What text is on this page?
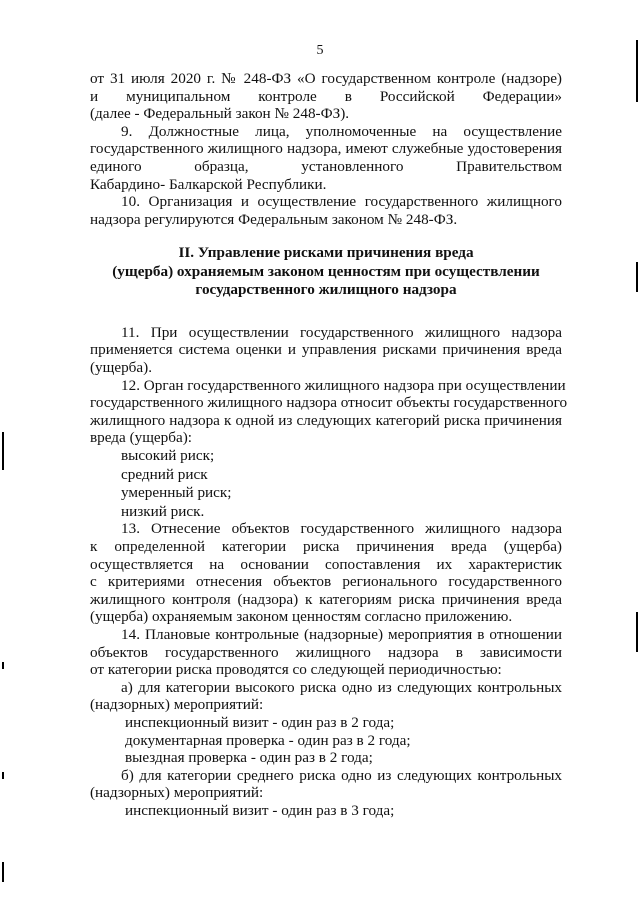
5

от 31 июля 2020 г. № 248-ФЗ «О государственном контроле (надзоре)
и муниципальном контроле в Российской Федерации»
(далее - Федеральный закон № 248-ФЗ).

9. Должностные лица, уполномоченные на осуществление
государственного жилищного надзора, имеют служебные удостоверения
единого образца, установленного Правительством
Кабардино- Балкарской Республики.

10. Организация и осуществление государственного жилищного
надзора регулируются Федеральным законом № 248-ФЗ.

II. Управление рисками причинения вреда
(ущерба) охраняемым законом ценностям при осуществлении
государственного жилищного надзора

11. При осуществлении государственного жилищного надзора
применяется система оценки и управления рисками причинения вреда
(ущерба).

12. Орган государственного жилищного надзора при осуществлении
государственного жилищного надзора относит объекты государственного
жилищного надзора к одной из следующих категорий риска причинения
вреда (ущерба):

высокий риск;
средний риск
умеренный риск;
низкий риск.

13. Отнесение объектов государственного жилищного надзора
к определенной категории риска причинения вреда (ущерба)
осуществляется на основании сопоставления их характеристик
с критериями отнесения объектов регионального государственного
жилищного контроля (надзора) к категориям риска причинения вреда
(ущерба) охраняемым законом ценностям согласно приложению.

14. Плановые контрольные (надзорные) мероприятия в отношении
объектов государственного жилищного надзора в зависимости
от категории риска проводятся со следующей периодичностью:

а) для категории высокого риска одно из следующих контрольных
(надзорных) мероприятий:

инспекционный визит - один раз в 2 года;
документарная проверка - один раз в 2 года;
выездная проверка - один раз в 2 года;

б) для категории среднего риска одно из следующих контрольных
(надзорных) мероприятий:

инспекционный визит - один раз в 3 года;
